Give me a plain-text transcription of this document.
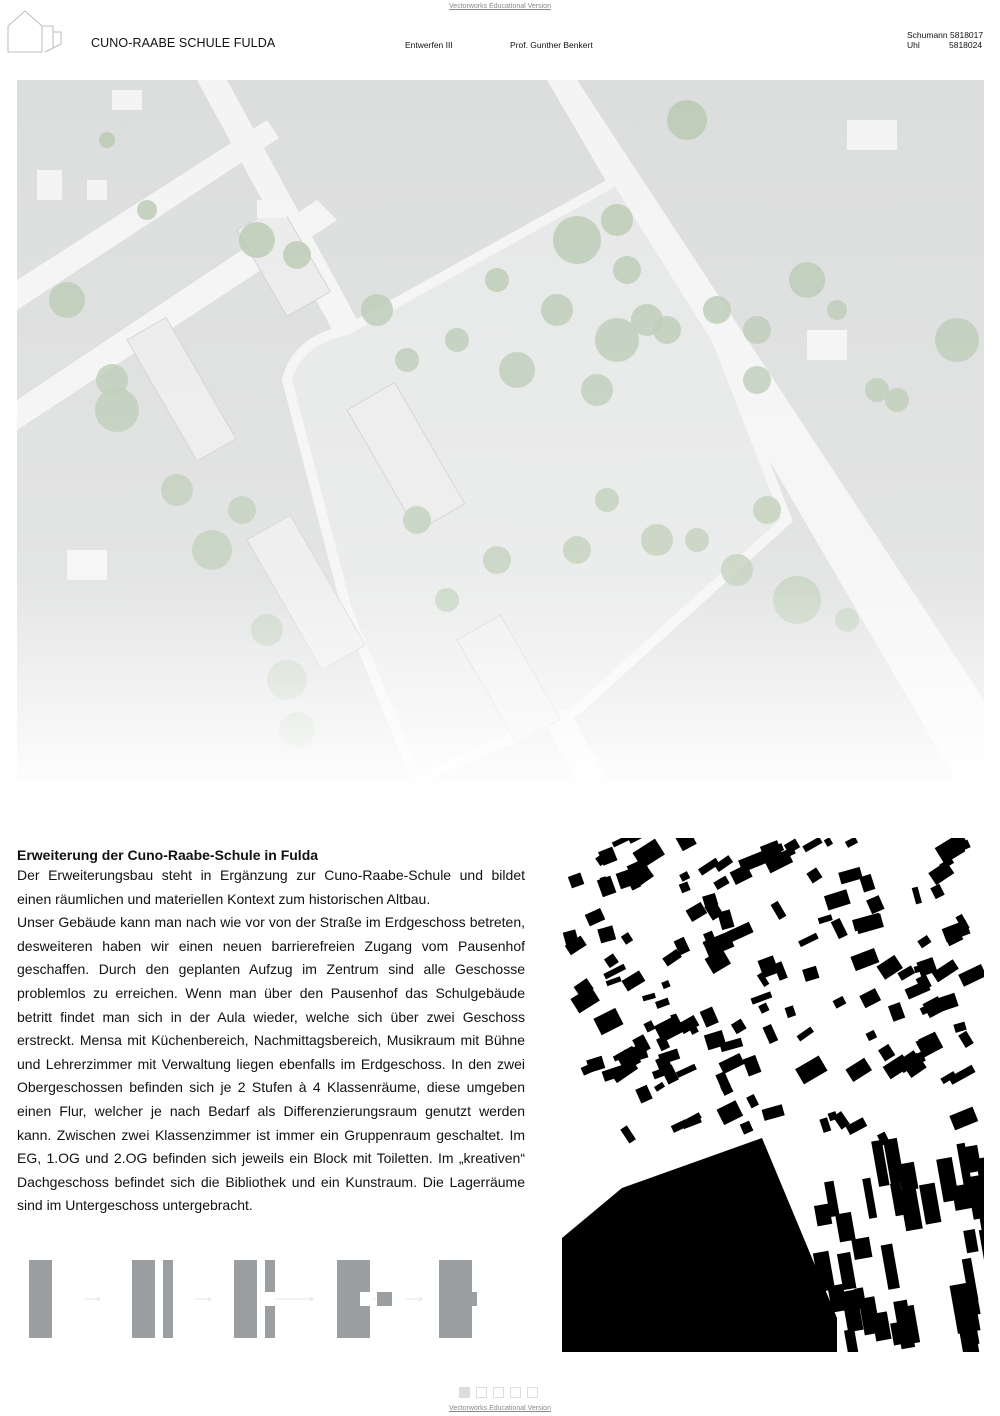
Vectorworks Educational Version
CUNO-RAABE SCHULE FULDA	Entwerfen III	Prof. Gunther Benkert
Schumann 5818017
Uhl	5818024
Erweiterung der Cuno-Raabe-Schule in Fulda

Der Erweiterungsbau steht in Ergänzung zur Cuno-Raabe-Schule und bildet einen räumlichen und materiellen Kontext zum historischen Altbau.

Unser Gebäude kann man nach wie vor von der Straße im Erdgeschoss betreten, desweiteren haben wir einen neuen barrierefreien Zugang vom Pausenhof geschaffen. Durch den geplanten Aufzug im Zentrum sind alle Geschosse problemlos zu erreichen. Wenn man über den Pausenhof das Schulgebäude betritt findet man sich in der Aula wieder, welche sich über zwei Geschoss erstreckt. Mensa mit Küchenbereich, Nachmittagsbereich, Musikraum mit Bühne und Lehrerzimmer mit Verwaltung liegen ebenfalls im Erdgeschoss. In den zwei Obergeschossen befinden sich je 2 Stufen à 4 Klassenräume, diese umgeben einen Flur, welcher je nach Bedarf als Differenzierungsraum genutzt werden kann. Zwischen zwei Klassenzimmer ist immer ein Gruppenraum geschaltet. Im EG, 1.OG und 2.OG befinden sich jeweils ein Block mit Toiletten. Im „kreativen“ Dachgeschoss befindet sich die Bibliothek und ein Kunstraum. Die Lagerräume sind im Untergeschoss untergebracht.

Vectorworks Educational Version
